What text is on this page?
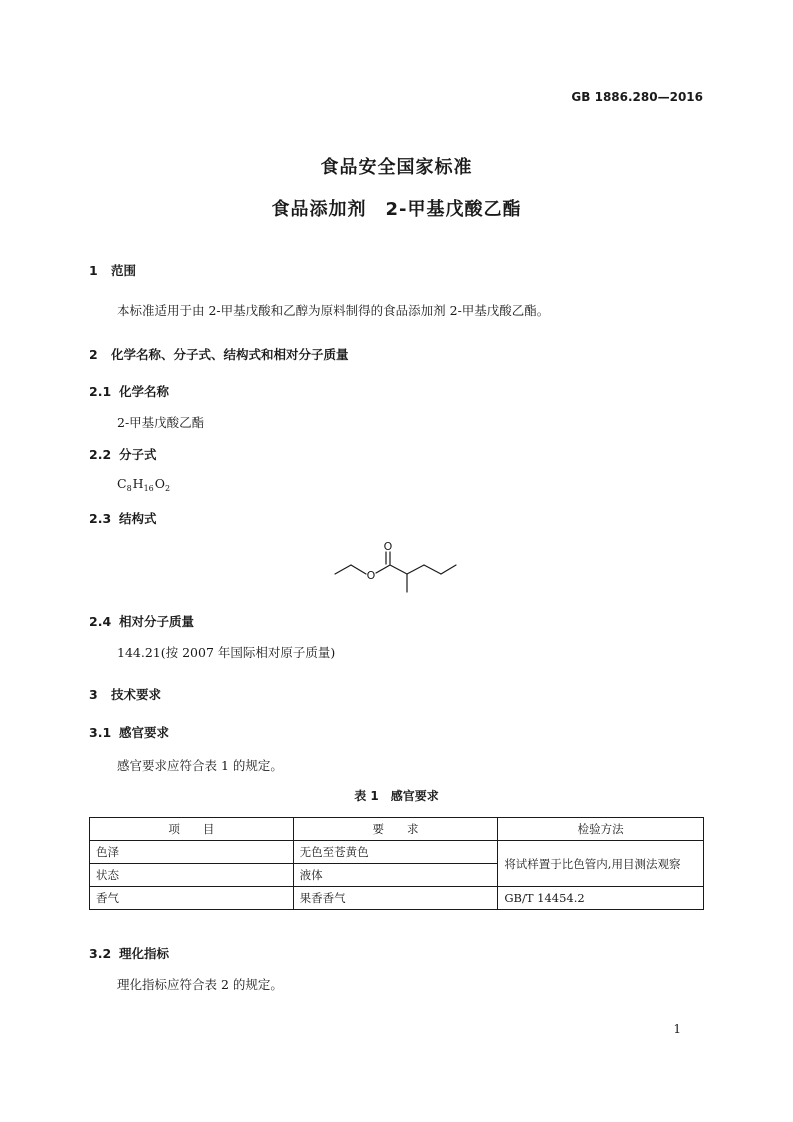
GB 1886.280—2016
食品安全国家标准
食品添加剂　2-甲基戊酸乙酯
1 范围
本标准适用于由 2-甲基戊酸和乙醇为原料制得的食品添加剂 2-甲基戊酸乙酯。
2 化学名称、分子式、结构式和相对分子质量
2.1 化学名称
2-甲基戊酸乙酯
2.2 分子式
$C_8H_{16}O_2$
2.3 结构式
O
O
2.4 相对分子质量
144.21(按 2007 年国际相对原子质量)
3 技术要求
3.1 感官要求
感官要求应符合表 1 的规定。
表 1　感官要求
项　　目	要　　求	检验方法
色泽	无色至苍黄色	将试样置于比色管内,用目测法观察
状态	液体	
香气	果香香气	GB/T 14454.2
3.2 理化指标
理化指标应符合表 2 的规定。
1
